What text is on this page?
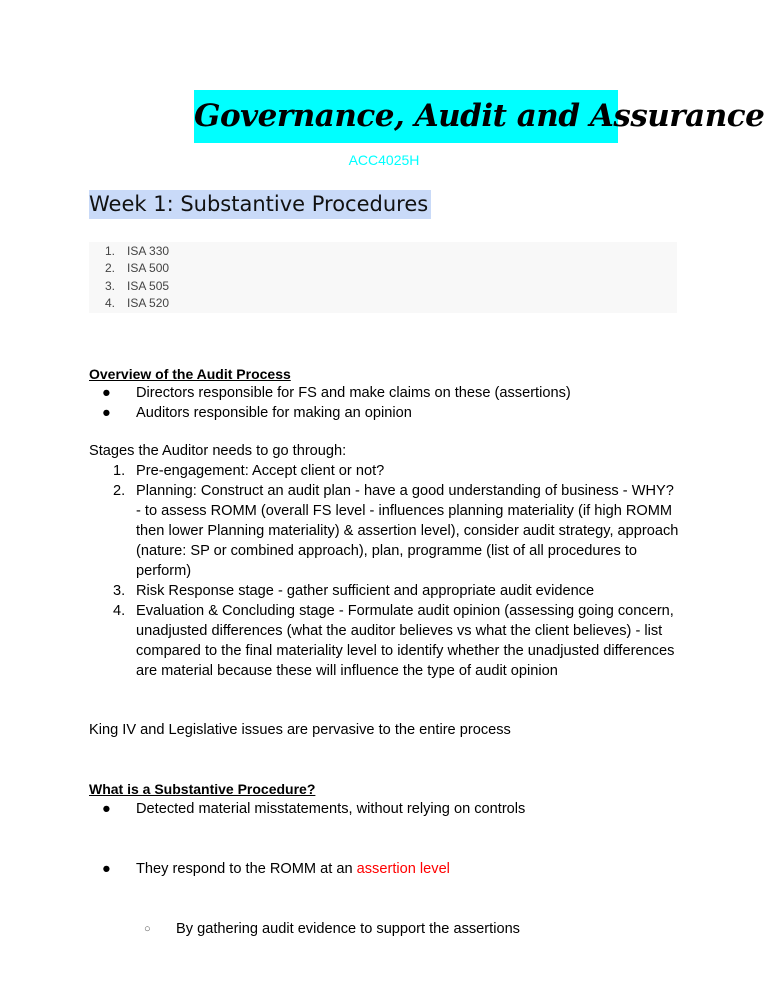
Governance, Audit and Assurance
ACC4025H
Week 1: Substantive Procedures
1. ISA 330
2. ISA 500
3. ISA 505
4. ISA 520
Overview of the Audit Process
● Directors responsible for FS and make claims on these (assertions)
● Auditors responsible for making an opinion
Stages the Auditor needs to go through:
1. Pre-engagement: Accept client or not?
2. Planning: Construct an audit plan - have a good understanding of business - WHY? - to assess ROMM (overall FS level - influences planning materiality (if high ROMM then lower Planning materiality) & assertion level), consider audit strategy, approach (nature: SP or combined approach), plan, programme (list of all procedures to perform)
3. Risk Response stage - gather sufficient and appropriate audit evidence
4. Evaluation & Concluding stage - Formulate audit opinion (assessing going concern, unadjusted differences (what the auditor believes vs what the client believes) - list compared to the final materiality level to identify whether the unadjusted differences are material because these will influence the type of audit opinion
King IV and Legislative issues are pervasive to the entire process
What is a Substantive Procedure?
● Detected material misstatements, without relying on controls
● They respond to the ROMM at an assertion level
○ By gathering audit evidence to support the assertions
